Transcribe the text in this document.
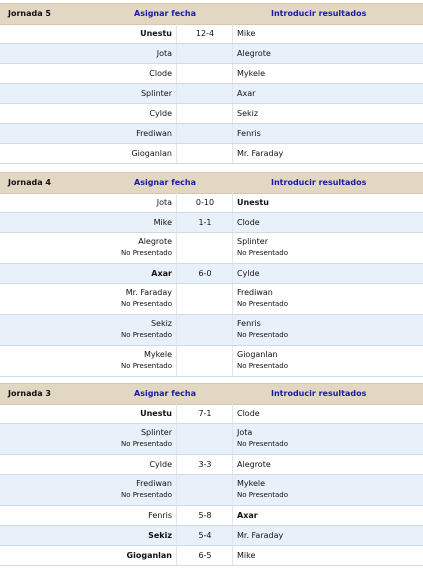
Jornada 5	Asignar fecha	Introducir resultados
Unestu	12-4	Mike
Jota	Alegrote
Clode	Mykele
Splinter	Axar
Cylde	Sekiz
Frediwan	Fenris
Gioganlan	Mr. Faraday
Jornada 4	Asignar fecha	Introducir resultados
Jota	0-10	Unestu
Mike	1-1	Clode
Alegrote	Splinter
No Presentado	No Presentado
Axar	6-0	Cylde
Mr. Faraday	Frediwan
No Presentado	No Presentado
Sekiz	Fenris
No Presentado	No Presentado
Mykele	Gioganlan
No Presentado	No Presentado
Jornada 3	Asignar fecha	Introducir resultados
Unestu	7-1	Clode
Splinter	Jota
No Presentado	No Presentado
Cylde	3-3	Alegrote
Frediwan	Mykele
No Presentado	No Presentado
Fenris	5-8	Axar
Sekiz	5-4	Mr. Faraday
Gioganlan	6-5	Mike
